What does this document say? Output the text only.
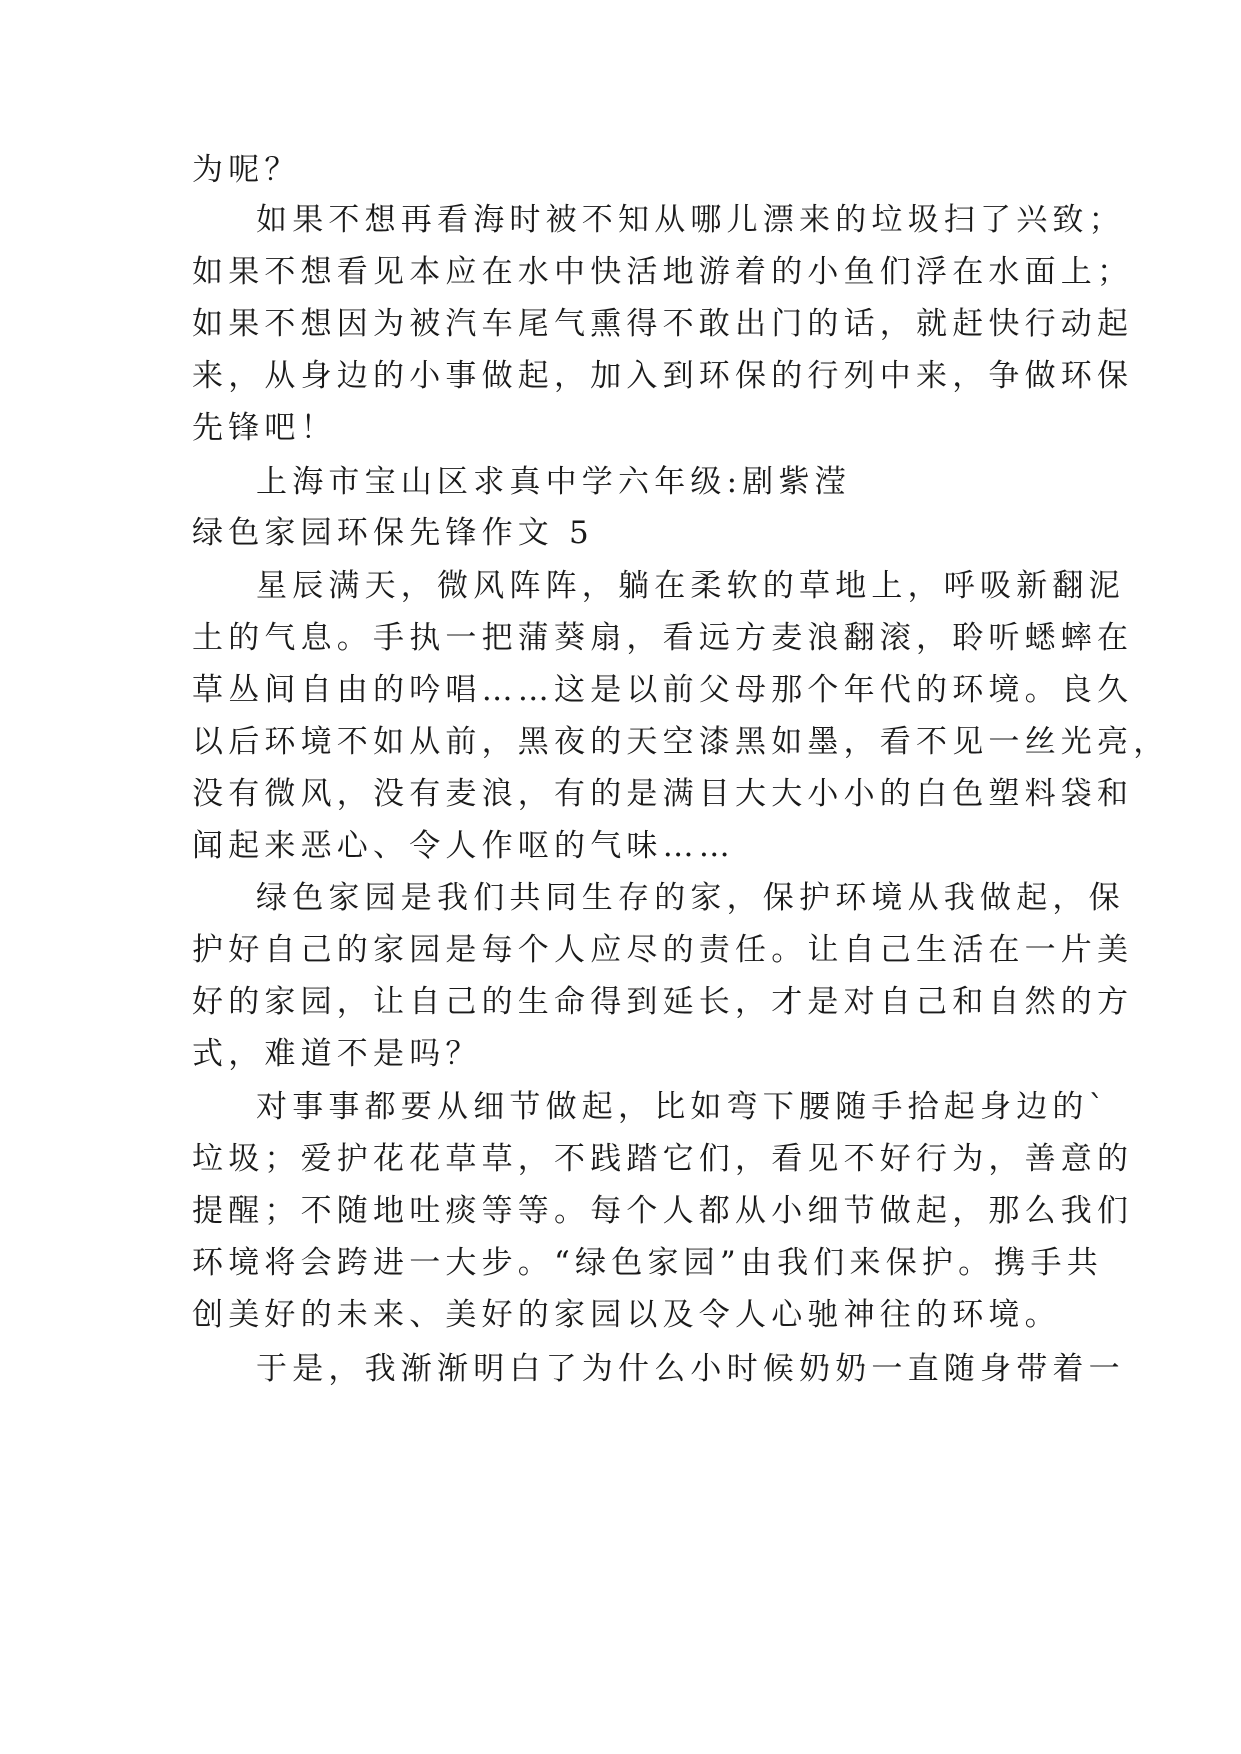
为呢？
如果不想再看海时被不知从哪儿漂来的垃圾扫了兴致；
如果不想看见本应在水中快活地游着的小鱼们浮在水面上；
如果不想因为被汽车尾气熏得不敢出门的话，就赶快行动起
来，从身边的小事做起，加入到环保的行列中来，争做环保
先锋吧！
上海市宝山区求真中学六年级:剧紫滢
绿色家园环保先锋作文 5
星辰满天，微风阵阵，躺在柔软的草地上，呼吸新翻泥
土的气息。手执一把蒲葵扇，看远方麦浪翻滚，聆听蟋蟀在
草丛间自由的吟唱……这是以前父母那个年代的环境。良久
以后环境不如从前，黑夜的天空漆黑如墨，看不见一丝光亮，
没有微风，没有麦浪，有的是满目大大小小的白色塑料袋和
闻起来恶心、令人作呕的气味……
绿色家园是我们共同生存的家，保护环境从我做起，保
护好自己的家园是每个人应尽的责任。让自己生活在一片美
好的家园，让自己的生命得到延长，才是对自己和自然的方
式，难道不是吗？
对事事都要从细节做起，比如弯下腰随手拾起身边的`
垃圾；爱护花花草草，不践踏它们，看见不好行为，善意的
提醒；不随地吐痰等等。每个人都从小细节做起，那么我们
环境将会跨进一大步。“绿色家园”由我们来保护。携手共
创美好的未来、美好的家园以及令人心驰神往的环境。
于是，我渐渐明白了为什么小时候奶奶一直随身带着一
